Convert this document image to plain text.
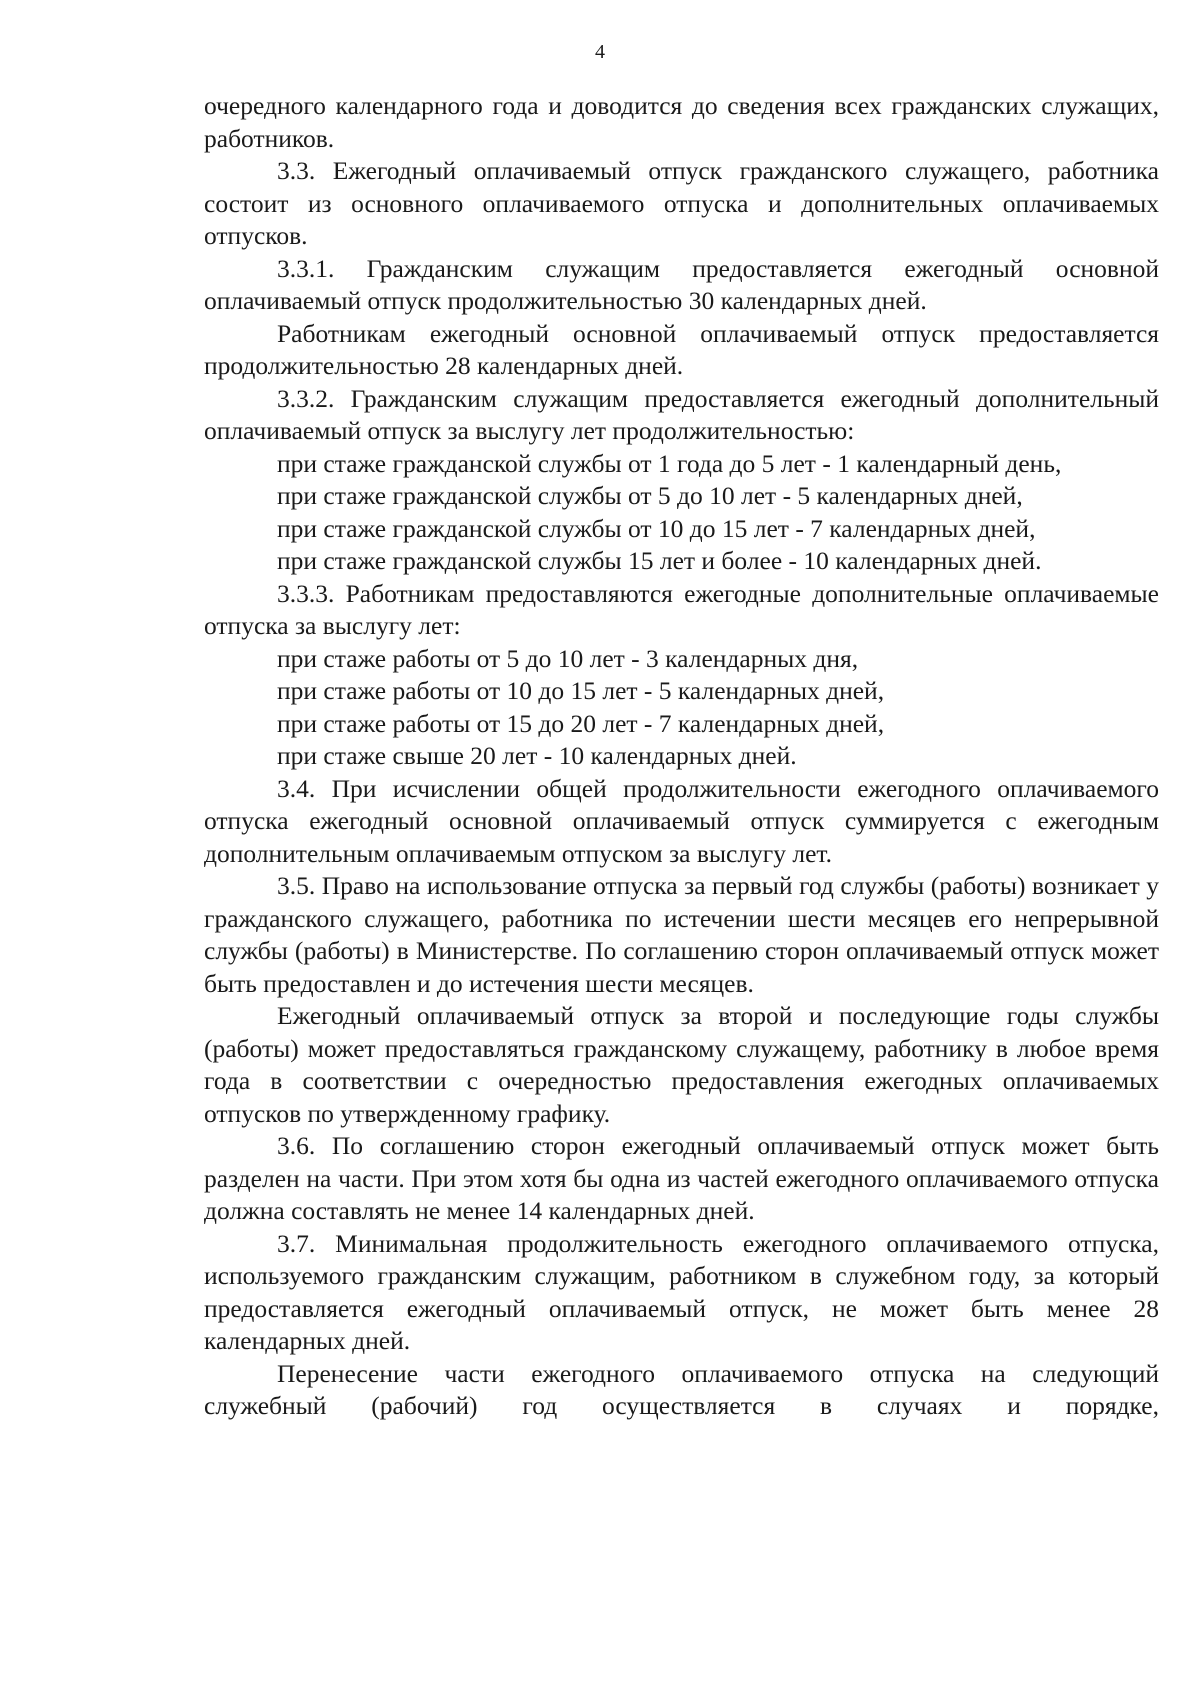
4

очередного календарного года и доводится до сведения всех гражданских служащих, работников.

3.3. Ежегодный оплачиваемый отпуск гражданского служащего, работника состоит из основного оплачиваемого отпуска и дополнительных оплачиваемых отпусков.

3.3.1. Гражданским служащим предоставляется ежегодный основной оплачиваемый отпуск продолжительностью 30 календарных дней.

Работникам ежегодный основной оплачиваемый отпуск предоставляется продолжительностью 28 календарных дней.

3.3.2. Гражданским служащим предоставляется ежегодный дополнительный оплачиваемый отпуск за выслугу лет продолжительностью:

при стаже гражданской службы от 1 года до 5 лет - 1 календарный день,

при стаже гражданской службы от 5 до 10 лет - 5 календарных дней,

при стаже гражданской службы от 10 до 15 лет - 7 календарных дней,

при стаже гражданской службы 15 лет и более - 10 календарных дней.

3.3.3. Работникам предоставляются ежегодные дополнительные оплачиваемые отпуска за выслугу лет:

при стаже работы от 5 до 10 лет - 3 календарных дня,

при стаже работы от 10 до 15 лет - 5 календарных дней,

при стаже работы от 15 до 20 лет - 7 календарных дней,

при стаже свыше 20 лет - 10 календарных дней.

3.4. При исчислении общей продолжительности ежегодного оплачиваемого отпуска ежегодный основной оплачиваемый отпуск суммируется с ежегодным дополнительным оплачиваемым отпуском за выслугу лет.

3.5. Право на использование отпуска за первый год службы (работы) возникает у гражданского служащего, работника по истечении шести месяцев его непрерывной службы (работы) в Министерстве. По соглашению сторон оплачиваемый отпуск может быть предоставлен и до истечения шести месяцев.

Ежегодный оплачиваемый отпуск за второй и последующие годы службы (работы) может предоставляться гражданскому служащему, работнику в любое время года в соответствии с очередностью предоставления ежегодных оплачиваемых отпусков по утвержденному графику.

3.6. По соглашению сторон ежегодный оплачиваемый отпуск может быть разделен на части. При этом хотя бы одна из частей ежегодного оплачиваемого отпуска должна составлять не менее 14 календарных дней.

3.7. Минимальная продолжительность ежегодного оплачиваемого отпуска, используемого гражданским служащим, работником в служебном году, за который предоставляется ежегодный оплачиваемый отпуск, не может быть менее 28 календарных дней.

Перенесение части ежегодного оплачиваемого отпуска на следующий служебный (рабочий) год осуществляется в случаях и порядке,
